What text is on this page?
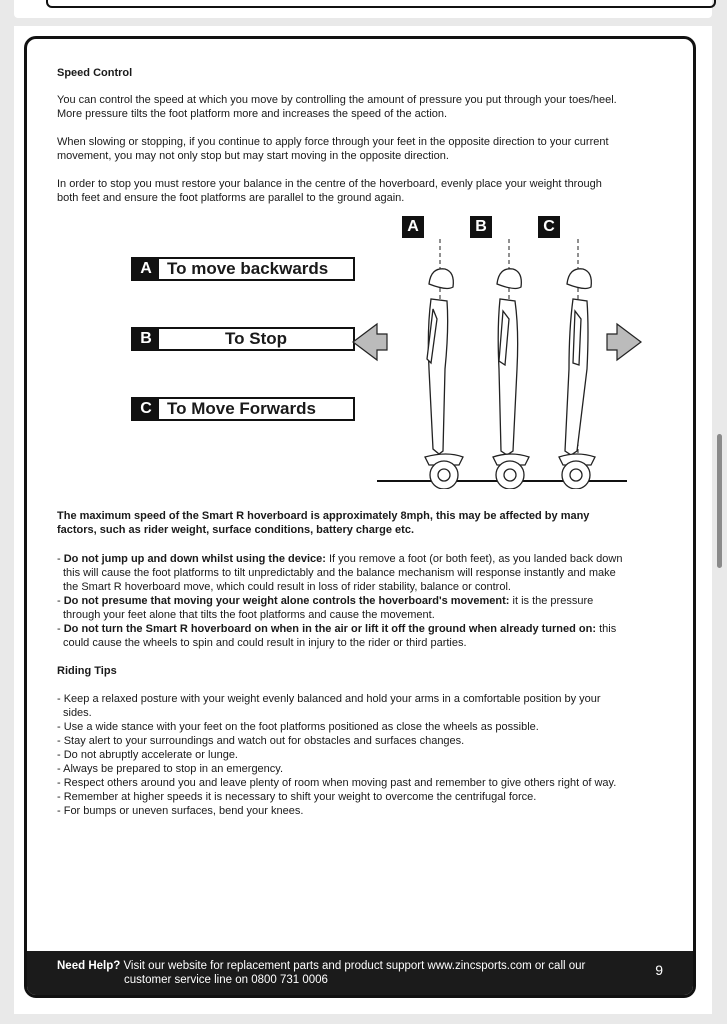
Speed Control
You can control the speed at which you move by controlling the amount of pressure you put through your toes/heel.
More pressure tilts the foot platform more and increases the speed of the action.
When slowing or stopping, if you continue to apply force through your feet in the opposite direction to your current
movement, you may not only stop but may start moving in the opposite direction.
In order to stop you must restore your balance in the centre of the hoverboard, evenly place your weight through
both feet and ensure the foot platforms are parallel to the ground again.
A To move backwards
B	To Stop
C To Move Forwards
A	B	C
The maximum speed of the Smart R hoverboard is approximately 8mph, this may be affected by many
factors, such as rider weight, surface conditions, battery charge etc.
- Do not jump up and down whilst using the device: If you remove a foot (or both feet), as you landed back down
this will cause the foot platforms to tilt unpredictably and the balance mechanism will response instantly and make
the Smart R hoverboard move, which could result in loss of rider stability, balance or control.
- Do not presume that moving your weight alone controls the hoverboard's movement: it is the pressure
through your feet alone that tilts the foot platforms and cause the movement.
- Do not turn the Smart R hoverboard on when in the air or lift it off the ground when already turned on: this
could cause the wheels to spin and could result in injury to the rider or third parties.
Riding Tips
- Keep a relaxed posture with your weight evenly balanced and hold your arms in a comfortable position by your
sides.
- Use a wide stance with your feet on the foot platforms positioned as close the wheels as possible.
- Stay alert to your surroundings and watch out for obstacles and surfaces changes.
- Do not abruptly accelerate or lunge.
- Always be prepared to stop in an emergency.
- Respect others around you and leave plenty of room when moving past and remember to give others right of way.
- Remember at higher speeds it is necessary to shift your weight to overcome the centrifugal force.
- For bumps or uneven surfaces, bend your knees.
Need Help? Visit our website for replacement parts and product support www.zincsports.com or call our
customer service line on 0800 731 0006
9
